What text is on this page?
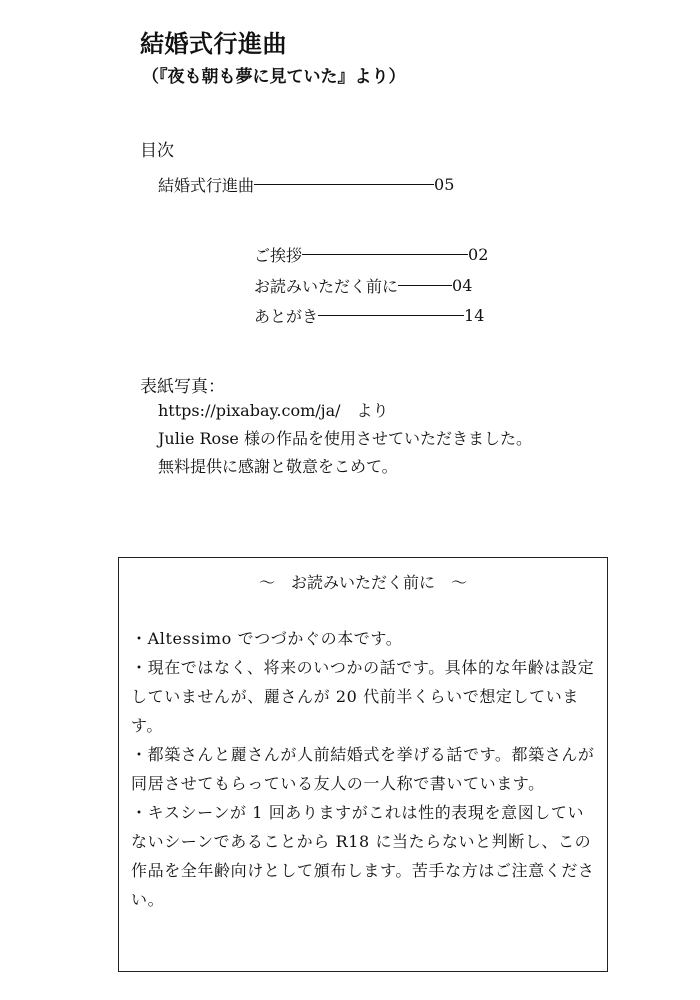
結婚式行進曲
（『夜も朝も夢に見ていた』より）
目次
結婚式行進曲	05
ご挨拶	02
お読みいただく前に	04
あとがき	14
表紙写真：
https://pixabay.com/ja/　より
Julie Rose 様の作品を使用させていただきました。
無料提供に感謝と敬意をこめて。
〜　お読みいただく前に　〜

・Altessimo でつづかぐの本です。

・現在ではなく、将来のいつかの話です。具体的な年齢は設定していませんが、麗さんが 20 代前半くらいで想定しています。

・都築さんと麗さんが人前結婚式を挙げる話です。都築さんが同居させてもらっている友人の一人称で書いています。

・キスシーンが 1 回ありますがこれは性的表現を意図していないシーンであることから R18 に当たらないと判断し、この作品を全年齢向けとして頒布します。苦手な方はご注意ください。
